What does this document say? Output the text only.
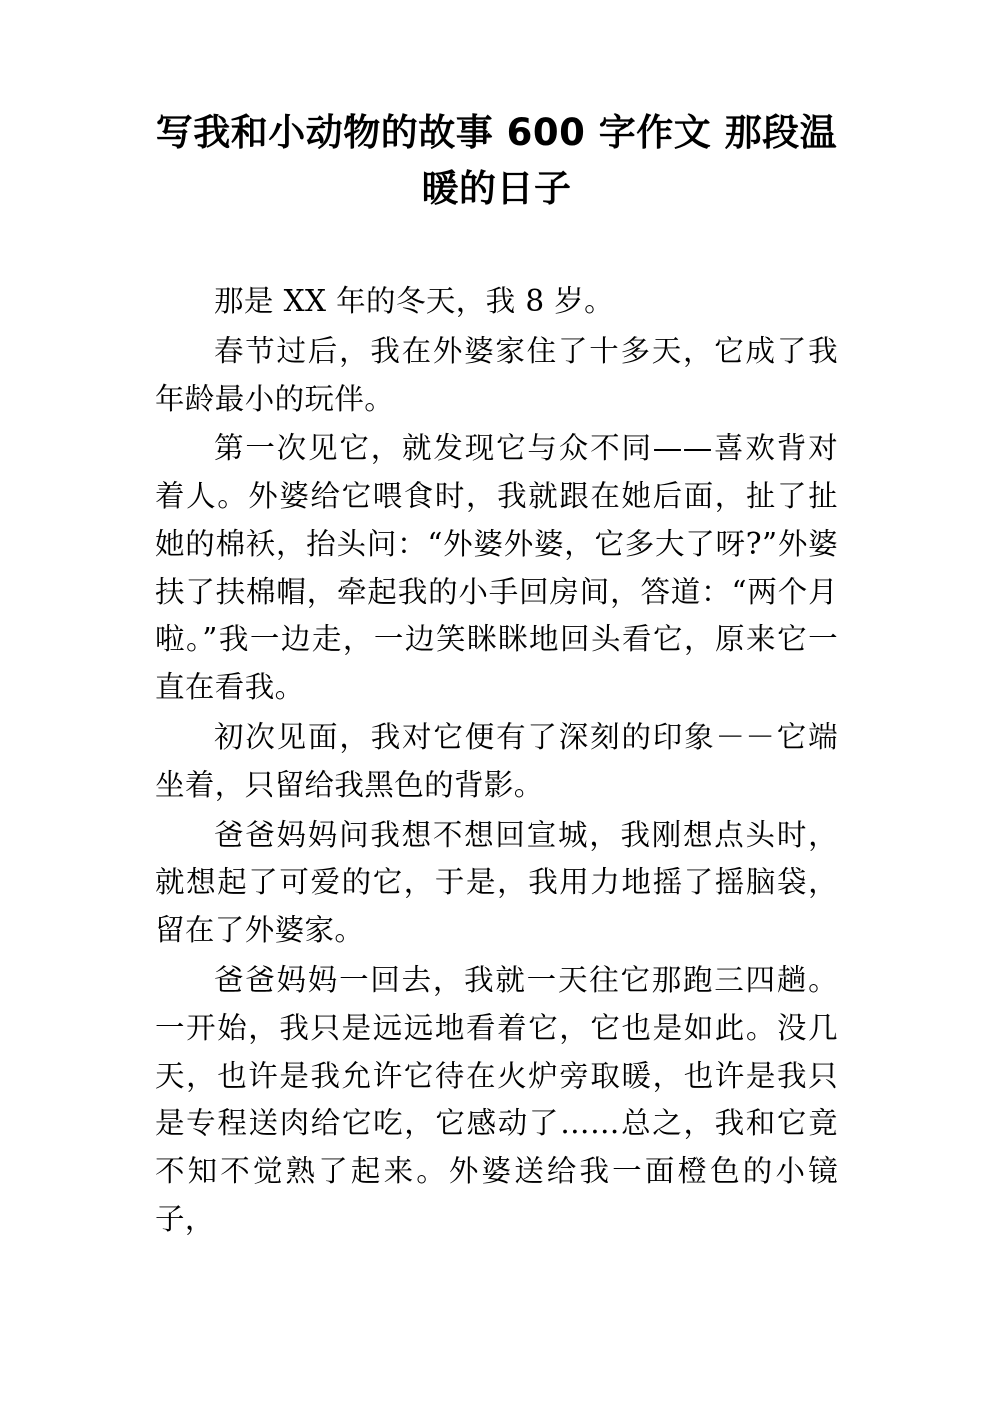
写我和小动物的故事 600 字作文 那段温暖的日子

那是 XX 年的冬天，我 8 岁。

春节过后，我在外婆家住了十多天，它成了我年龄最小的玩伴。

第一次见它，就发现它与众不同——喜欢背对着人。外婆给它喂食时，我就跟在她后面，扯了扯她的棉袄，抬头问：“外婆外婆，它多大了呀?”外婆扶了扶棉帽，牵起我的小手回房间，答道：“两个月啦。”我一边走，一边笑眯眯地回头看它，原来它一直在看我。

初次见面，我对它便有了深刻的印象－－它端坐着，只留给我黑色的背影。

爸爸妈妈问我想不想回宣城，我刚想点头时，就想起了可爱的它，于是，我用力地摇了摇脑袋，留在了外婆家。

爸爸妈妈一回去，我就一天往它那跑三四趟。一开始，我只是远远地看着它，它也是如此。没几天，也许是我允许它待在火炉旁取暖，也许是我只是专程送肉给它吃，它感动了……总之，我和它竟不知不觉熟了起来。外婆送给我一面橙色的小镜子，
